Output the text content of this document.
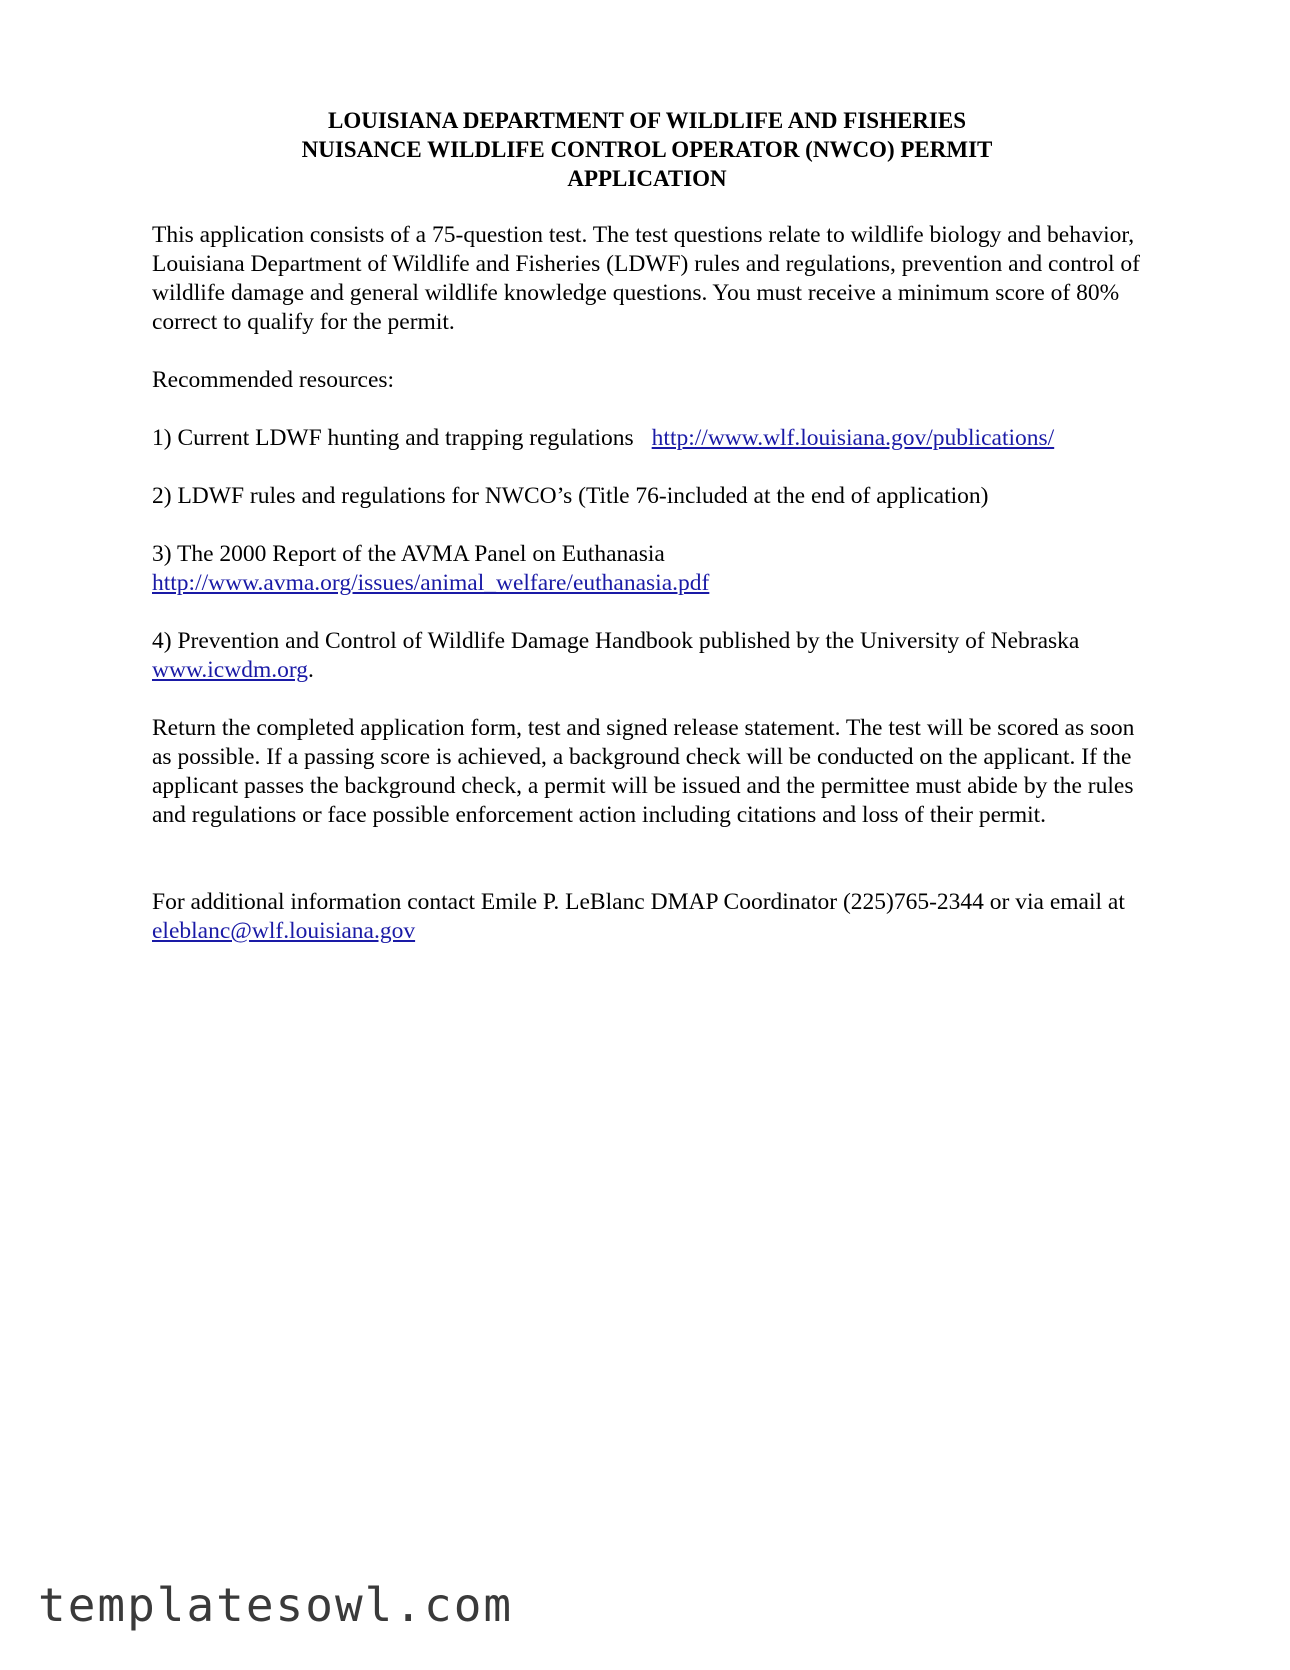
LOUISIANA DEPARTMENT OF WILDLIFE AND FISHERIES
NUISANCE WILDLIFE CONTROL OPERATOR (NWCO) PERMIT
APPLICATION

This application consists of a 75-question test. The test questions relate to wildlife biology and behavior, Louisiana Department of Wildlife and Fisheries (LDWF) rules and regulations, prevention and control of wildlife damage and general wildlife knowledge questions. You must receive a minimum score of 80% correct to qualify for the permit.

Recommended resources:

1) Current LDWF hunting and trapping regulations http://www.wlf.louisiana.gov/publications/

2) LDWF rules and regulations for NWCO’s (Title 76-included at the end of application)

3) The 2000 Report of the AVMA Panel on Euthanasia
http://www.avma.org/issues/animal_welfare/euthanasia.pdf

4) Prevention and Control of Wildlife Damage Handbook published by the University of Nebraska
www.icwdm.org.

Return the completed application form, test and signed release statement. The test will be scored as soon as possible. If a passing score is achieved, a background check will be conducted on the applicant. If the applicant passes the background check, a permit will be issued and the permittee must abide by the rules and regulations or face possible enforcement action including citations and loss of their permit.

For additional information contact Emile P. LeBlanc DMAP Coordinator (225)765-2344 or via email at eleblanc@wlf.louisiana.gov

templatesowl.com
